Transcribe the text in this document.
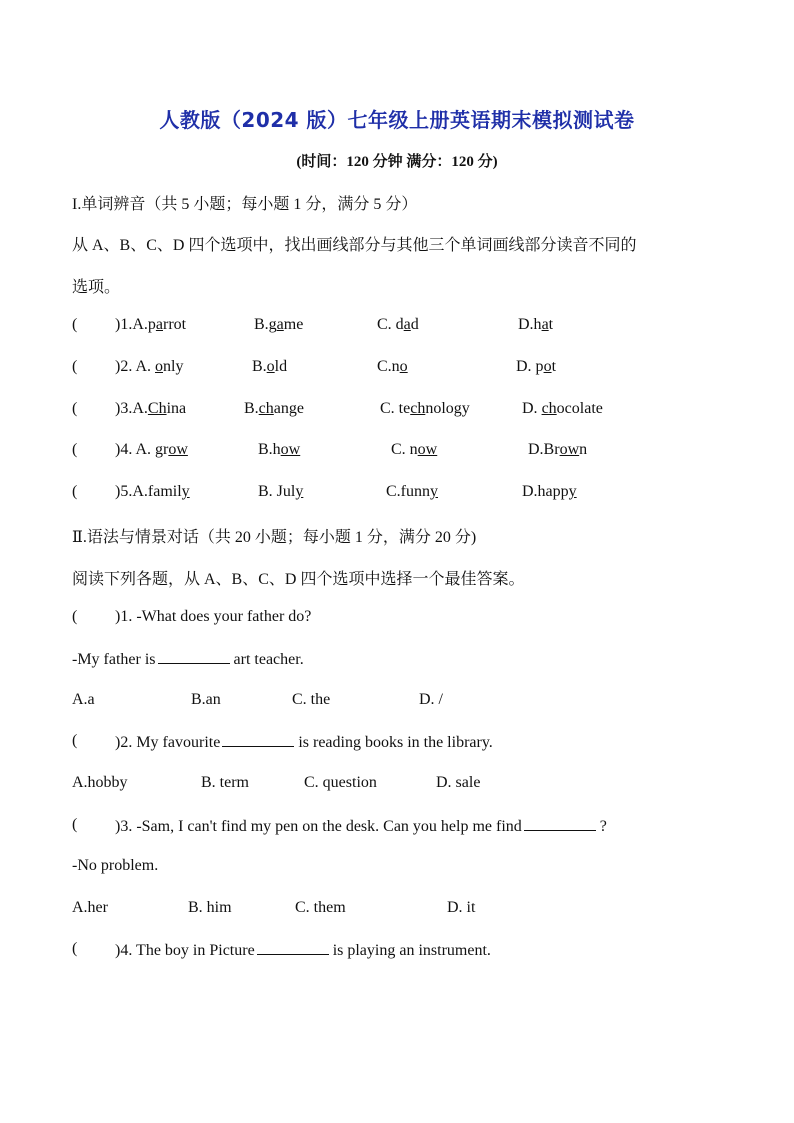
人教版（2024 版）七年级上册英语期末模拟测试卷
(时间：120 分钟 满分：120 分)
I.单词辨音（共 5 小题；每小题 1 分，满分 5 分）
从 A、B、C、D 四个选项中，找出画线部分与其他三个单词画线部分读音不同的
选项。
( )1.A.parrot	B.game	C. dad	D.hat
( )2. A. only	B.old	C.no	D. pot
( )3.A.China	B.change	C. technology	D. chocolate
( )4. A. grow	B.how	C. now	D.Brown
( )5.A.family	B. July	C.funny	D.happy
Ⅱ.语法与情景对话（共 20 小题；每小题 1 分，满分 20 分)
阅读下列各题，从 A、B、C、D 四个选项中选择一个最佳答案。
( )1. -What does your father do?
-My father is	art teacher.
A.a	B.an	C. the	D. /
( )2. My favourite	is reading books in the library.
A.hobby	B. term	C. question	D. sale
( )3. -Sam, I can't find my pen on the desk. Can you help me find	?
-No problem.
A.her	B. him	C. them	D. it
( )4. The boy in Picture	is playing an instrument.
